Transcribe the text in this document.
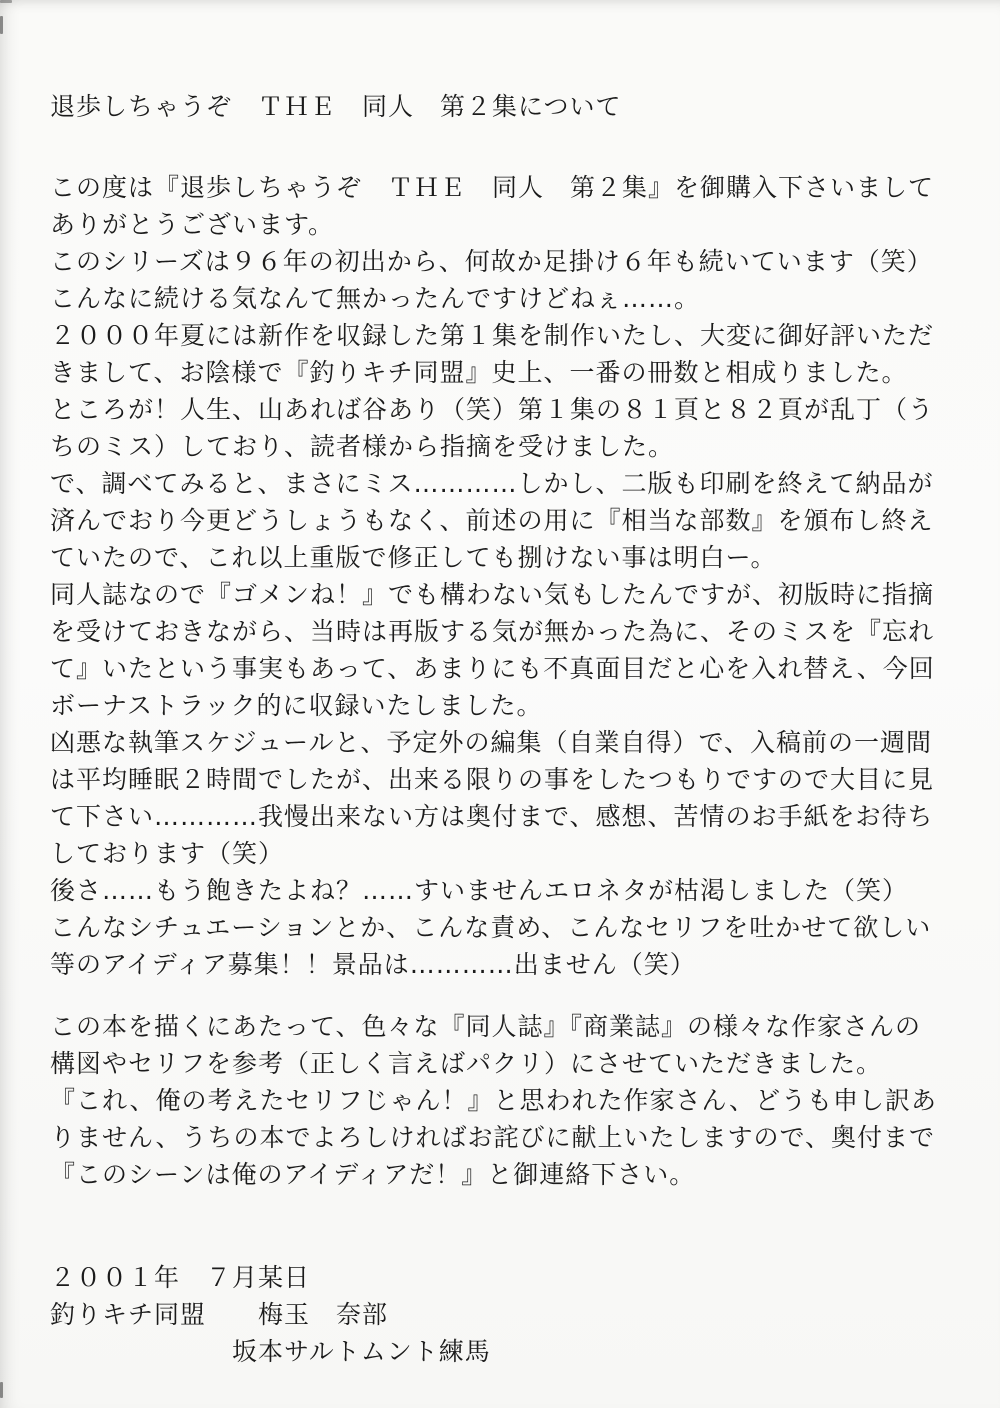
退歩しちゃうぞ　ＴＨＥ　同人　第２集について
この度は『退歩しちゃうぞ　ＴＨＥ　同人　第２集』を御購入下さいまして
ありがとうございます。
このシリーズは９６年の初出から、何故か足掛け６年も続いています（笑）
こんなに続ける気なんて無かったんですけどねぇ……。
２０００年夏には新作を収録した第１集を制作いたし、大変に御好評いただ
きまして、お陰様で『釣りキチ同盟』史上、一番の冊数と相成りました。
ところが！人生、山あれば谷あり（笑）第１集の８１頁と８２頁が乱丁（う
ちのミス）しており、読者様から指摘を受けました。
で、調べてみると、まさにミス…………しかし、二版も印刷を終えて納品が
済んでおり今更どうしょうもなく、前述の用に『相当な部数』を頒布し終え
ていたので、これ以上重版で修正しても捌けない事は明白ー。
同人誌なので『ゴメンね！』でも構わない気もしたんですが、初版時に指摘
を受けておきながら、当時は再版する気が無かった為に、そのミスを『忘れ
て』いたという事実もあって、あまりにも不真面目だと心を入れ替え、今回
ボーナストラック的に収録いたしました。
凶悪な執筆スケジュールと、予定外の編集（自業自得）で、入稿前の一週間
は平均睡眠２時間でしたが、出来る限りの事をしたつもりですので大目に見
て下さい…………我慢出来ない方は奥付まで、感想、苦情のお手紙をお待ち
しております（笑）
後さ……もう飽きたよね？……すいませんエロネタが枯渇しました（笑）
こんなシチュエーションとか、こんな責め、こんなセリフを吐かせて欲しい
等のアイディア募集！！景品は…………出ません（笑）
この本を描くにあたって、色々な『同人誌』『商業誌』の様々な作家さんの
構図やセリフを参考（正しく言えばパクリ）にさせていただきました。
『これ、俺の考えたセリフじゃん！』と思われた作家さん、どうも申し訳あ
りません、うちの本でよろしければお詫びに献上いたしますので、奥付まで
『このシーンは俺のアイディアだ！』と御連絡下さい。
２００１年　７月某日
釣りキチ同盟　　梅玉　奈部
　　　　　　　坂本サルトムント練馬
